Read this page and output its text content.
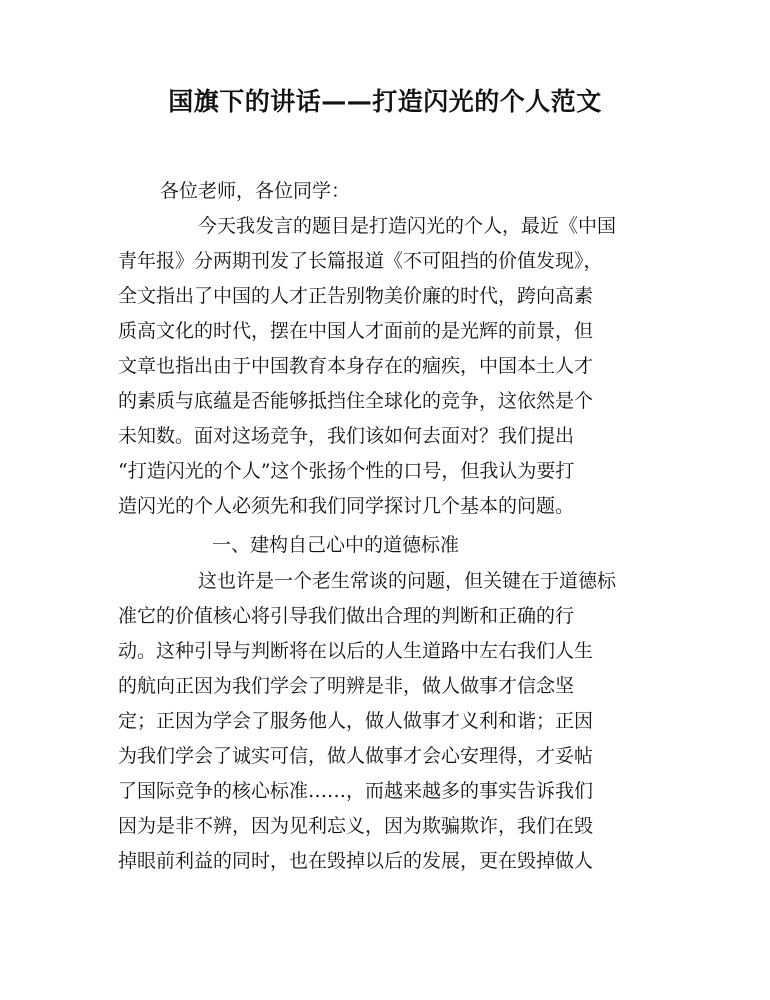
国旗下的讲话——打造闪光的个人范文
各位老师，各位同学：
今天我发言的题目是打造闪光的个人，最近《中国
青年报》分两期刊发了长篇报道《不可阻挡的价值发现》，
全文指出了中国的人才正告别物美价廉的时代，跨向高素
质高文化的时代，摆在中国人才面前的是光辉的前景，但
文章也指出由于中国教育本身存在的痼疾，中国本土人才
的素质与底蕴是否能够抵挡住全球化的竞争，这依然是个
未知数。面对这场竞争，我们该如何去面对？我们提出
“打造闪光的个人”这个张扬个性的口号，但我认为要打
造闪光的个人必须先和我们同学探讨几个基本的问题。
一、建构自己心中的道德标准
这也许是一个老生常谈的问题，但关键在于道德标
准它的价值核心将引导我们做出合理的判断和正确的行
动。这种引导与判断将在以后的人生道路中左右我们人生
的航向正因为我们学会了明辨是非，做人做事才信念坚
定；正因为学会了服务他人，做人做事才义利和谐；正因
为我们学会了诚实可信，做人做事才会心安理得，才妥帖
了国际竞争的核心标准……，而越来越多的事实告诉我们
因为是非不辨，因为见利忘义，因为欺骗欺诈，我们在毁
掉眼前利益的同时，也在毁掉以后的发展，更在毁掉做人
